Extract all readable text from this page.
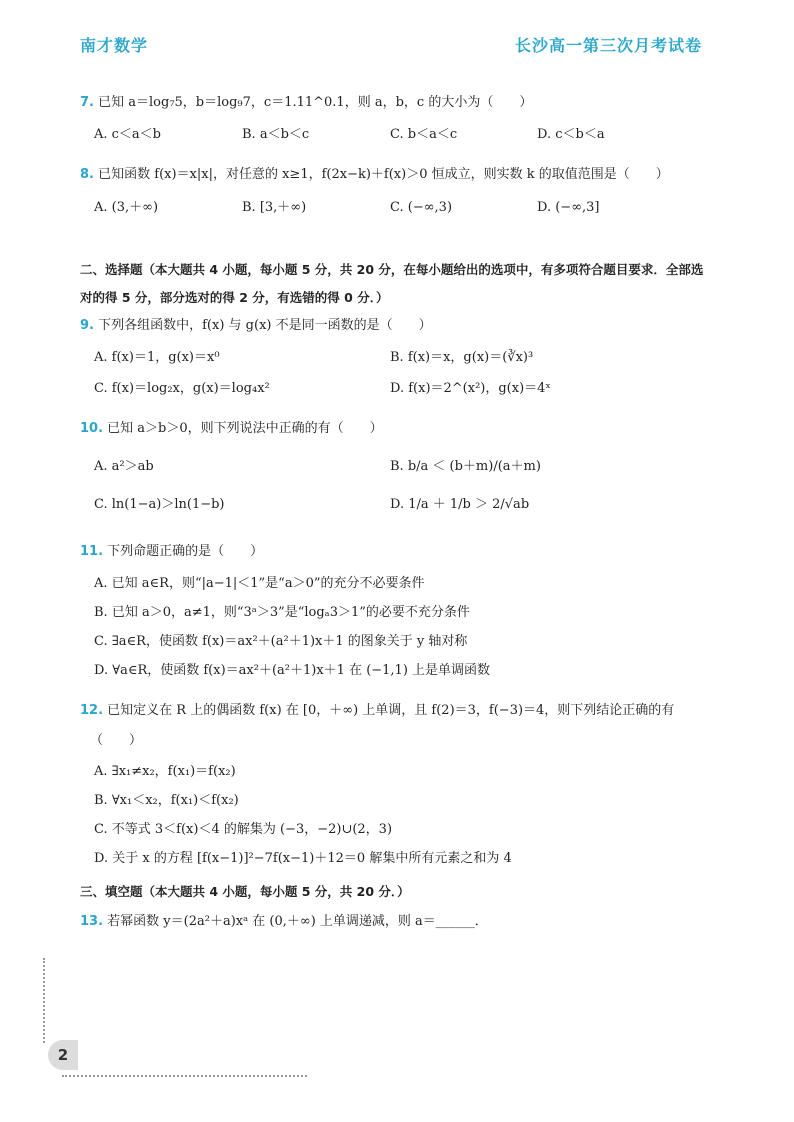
南才数学	长沙高一第三次月考试卷
7. 已知 a＝log₇5，b＝log₉7，c＝1.11^0.1，则 a，b，c 的大小为（　　）
A. c＜a＜b	B. a＜b＜c	C. b＜a＜c	D. c＜b＜a
8. 已知函数 f(x)＝x|x|，对任意的 x≥1，f(2x−k)＋f(x)＞0 恒成立，则实数 k 的取值范围是（　　）
A. (3,＋∞)	B. [3,＋∞)	C. (−∞,3)	D. (−∞,3]
二、选择题（本大题共 4 小题，每小题 5 分，共 20 分，在每小题给出的选项中，有多项符合题目要求．全部选
对的得 5 分，部分选对的得 2 分，有选错的得 0 分．）
9. 下列各组函数中，f(x) 与 g(x) 不是同一函数的是（　　）
A. f(x)＝1，g(x)＝x⁰	B. f(x)＝x，g(x)＝(∛x)³
C. f(x)＝log₂x，g(x)＝log₄x²	D. f(x)＝2^(x²)，g(x)＝4ˣ
10. 已知 a＞b＞0，则下列说法中正确的有（　　）
A. a²＞ab	B. b/a ＜ (b＋m)/(a＋m)
C. ln(1−a)＞ln(1−b)	D. 1/a ＋ 1/b ＞ 2/√ab
11. 下列命题正确的是（　　）
A. 已知 a∈R，则“|a−1|＜1”是“a＞0”的充分不必要条件
B. 已知 a＞0，a≠1，则“3ᵃ＞3”是“logₐ3＞1”的必要不充分条件
C. ∃a∈R，使函数 f(x)＝ax²＋(a²＋1)x＋1 的图象关于 y 轴对称
D. ∀a∈R，使函数 f(x)＝ax²＋(a²＋1)x＋1 在 (−1,1) 上是单调函数
12. 已知定义在 R 上的偶函数 f(x) 在 [0，＋∞) 上单调，且 f(2)＝3，f(−3)＝4，则下列结论正确的有
（　　）
A. ∃x₁≠x₂，f(x₁)＝f(x₂)
B. ∀x₁＜x₂，f(x₁)＜f(x₂)
C. 不等式 3＜f(x)＜4 的解集为 (−3，−2)∪(2，3)
D. 关于 x 的方程 [f(x−1)]²−7f(x−1)＋12＝0 解集中所有元素之和为 4
三、填空题（本大题共 4 小题，每小题 5 分，共 20 分．）
13. 若幂函数 y＝(2a²＋a)xᵃ 在 (0,＋∞) 上单调递减，则 a＝______．
2
